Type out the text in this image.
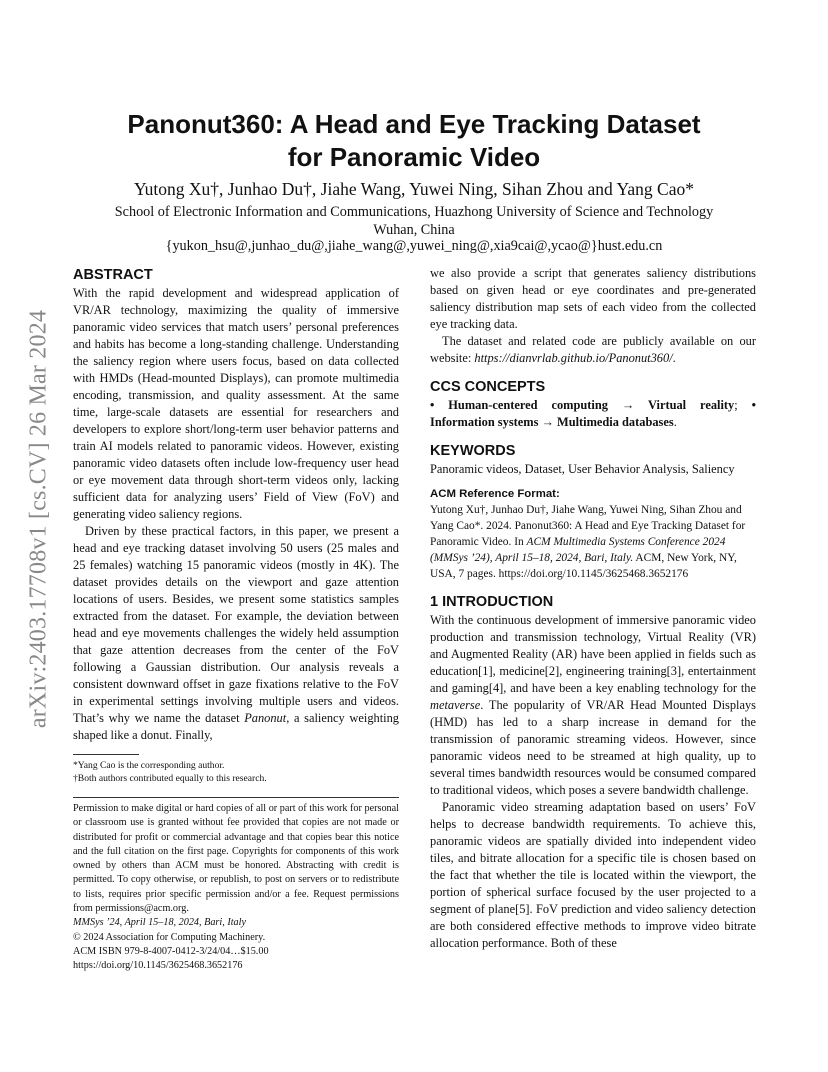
arXiv:2403.17708v1 [cs.CV] 26 Mar 2024
Panonut360: A Head and Eye Tracking Dataset
for Panoramic Video
Yutong Xu†, Junhao Du†, Jiahe Wang, Yuwei Ning, Sihan Zhou and Yang Cao*
School of Electronic Information and Communications, Huazhong University of Science and Technology
Wuhan, China
{yukon_hsu@,junhao_du@,jiahe_wang@,yuwei_ning@,xia9cai@,ycao@}hust.edu.cn
ABSTRACT

With the rapid development and widespread application of VR/AR technology, maximizing the quality of immersive panoramic video services that match users’ personal preferences and habits has become a long-standing challenge. Understanding the saliency region where users focus, based on data collected with HMDs (Head-mounted Displays), can promote multimedia encoding, transmission, and quality assessment. At the same time, large-scale datasets are essential for researchers and developers to explore short/long-term user behavior patterns and train AI models related to panoramic videos. However, existing panoramic video datasets often include low-frequency user head or eye movement data through short-term videos only, lacking sufficient data for analyzing users’ Field of View (FoV) and generating video saliency regions.

Driven by these practical factors, in this paper, we present a head and eye tracking dataset involving 50 users (25 males and 25 females) watching 15 panoramic videos (mostly in 4K). The dataset provides details on the viewport and gaze attention locations of users. Besides, we present some statistics samples extracted from the dataset. For example, the deviation between head and eye movements challenges the widely held assumption that gaze attention decreases from the center of the FoV following a Gaussian distribution. Our analysis reveals a consistent downward offset in gaze fixations relative to the FoV in experimental settings involving multiple users and videos. That’s why we name the dataset Panonut, a saliency weighting shaped like a donut. Finally,

*Yang Cao is the corresponding author.
†Both authors contributed equally to this research.
Permission to make digital or hard copies of all or part of this work for personal or classroom use is granted without fee provided that copies are not made or distributed for profit or commercial advantage and that copies bear this notice and the full citation on the first page. Copyrights for components of this work owned by others than ACM must be honored. Abstracting with credit is permitted. To copy otherwise, or republish, to post on servers or to redistribute to lists, requires prior specific permission and/or a fee. Request permissions from permissions@acm.org.
MMSys ’24, April 15–18, 2024, Bari, Italy
© 2024 Association for Computing Machinery.
ACM ISBN 979-8-4007-0412-3/24/04…$15.00
https://doi.org/10.1145/3625468.3652176

we also provide a script that generates saliency distributions based on given head or eye coordinates and pre-generated saliency distribution map sets of each video from the collected eye tracking data.

The dataset and related code are publicly available on our website: https://dianvrlab.github.io/Panonut360/.

CCS CONCEPTS

• Human-centered computing → Virtual reality; • Information systems → Multimedia databases.

KEYWORDS

Panoramic videos, Dataset, User Behavior Analysis, Saliency

ACM Reference Format:

Yutong Xu†, Junhao Du†, Jiahe Wang, Yuwei Ning, Sihan Zhou and Yang Cao*. 2024. Panonut360: A Head and Eye Tracking Dataset for Panoramic Video. In ACM Multimedia Systems Conference 2024 (MMSys ’24), April 15–18, 2024, Bari, Italy. ACM, New York, NY, USA, 7 pages. https://doi.org/10.1145/3625468.3652176

1 INTRODUCTION

With the continuous development of immersive panoramic video production and transmission technology, Virtual Reality (VR) and Augmented Reality (AR) have been applied in fields such as education[1], medicine[2], engineering training[3], entertainment and gaming[4], and have been a key enabling technology for the metaverse. The popularity of VR/AR Head Mounted Displays (HMD) has led to a sharp increase in demand for the transmission of panoramic streaming videos. However, since panoramic videos need to be streamed at high quality, up to several times bandwidth resources would be consumed compared to traditional videos, which poses a severe bandwidth challenge.

Panoramic video streaming adaptation based on users’ FoV helps to decrease bandwidth requirements. To achieve this, panoramic videos are spatially divided into independent video tiles, and bitrate allocation for a specific tile is chosen based on the fact that whether the tile is located within the viewport, the portion of spherical surface focused by the user projected to a segment of plane[5]. FoV prediction and video saliency detection are both considered effective methods to improve video bitrate allocation performance. Both of these
